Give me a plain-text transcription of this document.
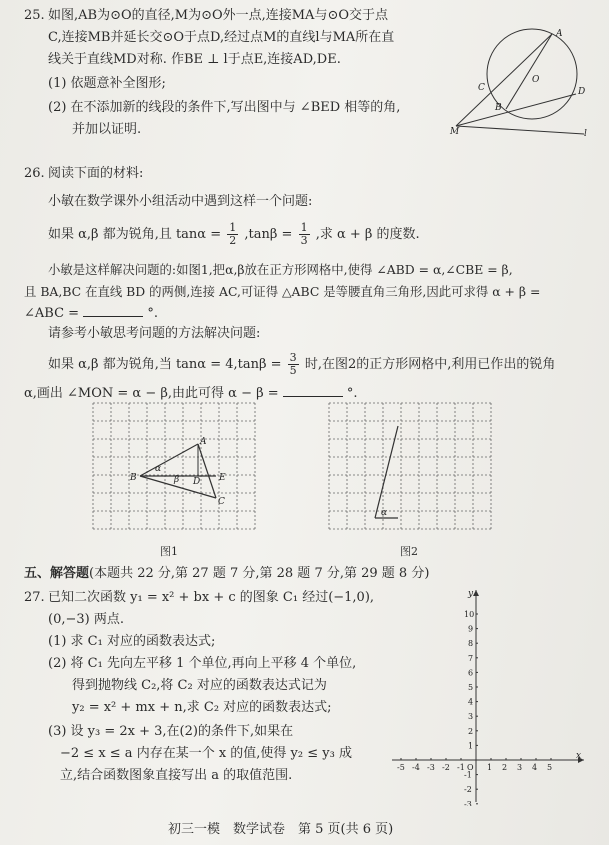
25. 如图,AB为⊙O的直径,M为⊙O外一点,连接MA与⊙O交于点
C,连接MB并延长交⊙O于点D,经过点M的直线l与MA所在直
线关于直线MD对称. 作BE ⊥ l于点E,连接AD,DE.
(1) 依题意补全图形;
(2) 在不添加新的线段的条件下,写出图中与 ∠BED 相等的角,
并加以证明.
A
C
O
B
D
M	l
26. 阅读下面的材料:
小敏在数学课外小组活动中遇到这样一个问题:
如果 α,β 都为锐角,且 $\tan\alpha = \frac{1}{2} ,\tan\beta = \frac{1}{3}$ ,求 α + β 的度数.
小敏是这样解决问题的:如图1,把α,β放在正方形网格中,使得 ∠ABD = α,∠CBE = β,
且 BA,BC 在直线 BD 的两侧,连接 AC,可证得 △ABC 是等腰直角三角形,因此可求得 α + β =
∠ABC =	°.
请参考小敏思考问题的方法解决问题:
如果 α,β 都为锐角,当 $\tan\alpha = 4,\tan\beta = \frac{3}{5}$ 时,在图2的正方形网格中,利用已作出的锐角
α,画出 ∠MON = α − β,由此可得 α − β =	°.
A
B	D E
C
α
β
图1
α
图2
五、解答题(本题共 22 分,第 27 题 7 分,第 28 题 7 分,第 29 题 8 分)
27. 已知二次函数 y₁ = x² + bx + c 的图象 C₁ 经过(−1,0),
(0,−3) 两点.
(1) 求 C₁ 对应的函数表达式;
(2) 将 C₁ 先向左平移 1 个单位,再向上平移 4 个单位,
得到抛物线 C₂,将 C₂ 对应的函数表达式记为
y₂ = x² + mx + n,求 C₂ 对应的函数表达式;
(3) 设 y₃ = 2x + 3,在(2)的条件下,如果在
−2 ≤ x ≤ a 内存在某一个 x 的值,使得 y₂ ≤ y₃ 成
立,结合函数图象直接写出 a 的取值范围.
x
y
O
-5 -4 -3 -2 -1	1 2 3 4 5
10
9
8
7
6
5
4
3
2
1
-1
-2
-3
初三一模　数学试卷　第 5 页(共 6 页)
